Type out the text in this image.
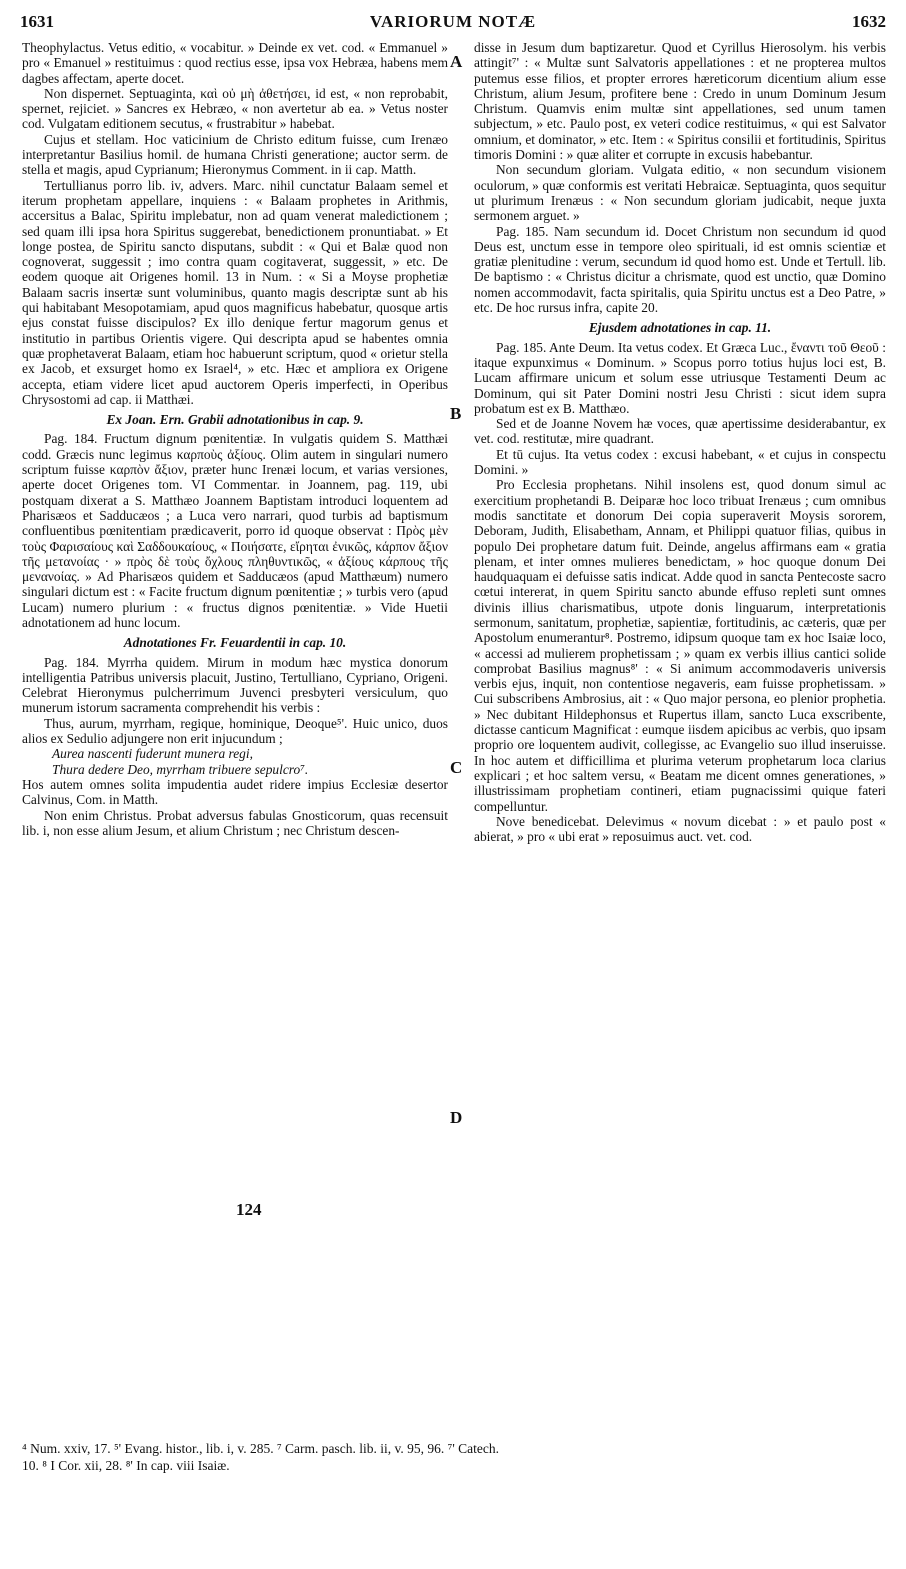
1631	VARIORUM NOTÆ	1632

Theophylactus. Vetus editio, « vocabitur. » Deinde ex vet. cod. « Emmanuel » pro « Emanuel » restituimus : quod rectius esse, ipsa vox Hebræa, habens mem dagbes affectam, aperte docet.

Non dispernet. Septuaginta, καὶ οὐ μὴ ἀθετήσει, id est, « non reprobabit, spernet, rejiciet. » Sancres ex Hebræo, « non avertetur ab ea. » Vetus noster cod. Vulgatam editionem secutus, « frustrabitur » habebat.

Cujus et stellam. Hoc vaticinium de Christo editum fuisse, cum Irenæo interpretantur Basilius homil. de humana Christi generatione; auctor serm. de stella et magis, apud Cyprianum; Hieronymus Comment. in ii cap. Matth.

Tertullianus porro lib. iv, advers. Marc. nihil cunctatur Balaam semel et iterum prophetam appellare, inquiens : « Balaam prophetes in Arithmis, accersitus a Balac, Spiritu implebatur, non ad quam venerat maledictionem ; sed quam illi ipsa hora Spiritus suggerebat, benedictionem pronuntiabat. » Et longe postea, de Spiritu sancto disputans, subdit : « Qui et Balæ quod non cognoverat, suggessit ; imo contra quam cogitaverat, suggessit, » etc. De eodem quoque ait Origenes homil. 13 in Num. : « Si a Moyse prophetiæ Balaam sacris insertæ sunt voluminibus, quanto magis descriptæ sunt ab his qui habitabant Mesopotamiam, apud quos magnificus habebatur, quosque artis ejus constat fuisse discipulos? Ex illo denique fertur magorum genus et institutio in partibus Orientis vigere. Qui descripta apud se habentes omnia quæ prophetaverat Balaam, etiam hoc habuerunt scriptum, quod « orietur stella ex Jacob, et exsurget homo ex Israel⁴, » etc. Hæc et ampliora ex Origene accepta, etiam videre licet apud auctorem Operis imperfecti, in Operibus Chrysostomi ad cap. ii Matthæi.

Ex Joan. Ern. Grabii adnotationibus in cap. 9.

Pag. 184. Fructum dignum pœnitentiæ. In vulgatis quidem S. Matthæi codd. Græcis nunc legimus καρποὺς ἀξίους. Olim autem in singulari numero scriptum fuisse καρπὸν ἄξιον, præter hunc Irenæi locum, et varias versiones, aperte docet Origenes tom. VI Commentar. in Joannem, pag. 119, ubi postquam dixerat a S. Matthæo Joannem Baptistam introduci loquentem ad Pharisæos et Sadducæos ; a Luca vero narrari, quod turbis ad baptismum confluentibus pœnitentiam prædicaverit, porro id quoque observat : Πρὸς μὲν τοὺς Φαρισαίους καὶ Σαδδουκαίους, « Ποιήσατε, εἴρηται ἐνικῶς, κάρπον ἄξιον τῆς μετανοίας · » πρὸς δὲ τοὺς ὄχλους πληθυντικῶς, « ἀξίους κάρπους τῆς μενανοίας. » Ad Pharisæos quidem et Sadducæos (apud Matthæum) numero singulari dictum est : « Facite fructum dignum pœnitentiæ ; » turbis vero (apud Lucam) numero plurium : « fructus dignos pœnitentiæ. » Vide Huetii adnotationem ad hunc locum.

Adnotationes Fr. Feuardentii in cap. 10.

Pag. 184. Myrrha quidem. Mirum in modum hæc mystica donorum intelligentia Patribus universis placuit, Justino, Tertulliano, Cypriano, Origeni. Celebrat Hieronymus pulcherrimum Juvenci presbyteri versiculum, quo munerum istorum sacramenta comprehendit his verbis :

Thus, aurum, myrrham, regique, hominique, Deoque⁵'. Huic unico, duos alios ex Sedulio adjungere non erit injucundum ;

Aurea nascenti fuderunt munera regi,

Thura dedere Deo, myrrham tribuere sepulcro⁷.

Hos autem omnes solita impudentia audet ridere impius Ecclesiæ desertor Calvinus, Com. in Matth.

Non enim Christus. Probat adversus fabulas Gnosticorum, quas recensuit lib. i, non esse alium Jesum, et alium Christum ; nec Christum descen-

disse in Jesum dum baptizaretur. Quod et Cyrillus Hierosolym. his verbis attingit⁷' : « Multæ sunt Salvatoris appellationes : et ne propterea multos putemus esse filios, et propter errores hæreticorum dicentium alium esse Christum, alium Jesum, profitere bene : Credo in unum Dominum Jesum Christum. Quamvis enim multæ sint appellationes, sed unum tamen subjectum, » etc. Paulo post, ex veteri codice restituimus, « qui est Salvator omnium, et dominator, » etc. Item : « Spiritus consilii et fortitudinis, Spiritus timoris Domini : » quæ aliter et corrupte in excusis habebantur.

Non secundum gloriam. Vulgata editio, « non secundum visionem oculorum, » quæ conformis est veritati Hebraicæ. Septuaginta, quos sequitur ut plurimum Irenæus : « Non secundum gloriam judicabit, neque juxta sermonem arguet. »

Pag. 185. Nam secundum id. Docet Christum non secundum id quod Deus est, unctum esse in tempore oleo spirituali, id est omnis scientiæ et gratiæ plenitudine : verum, secundum id quod homo est. Unde et Tertull. lib. De baptismo : « Christus dicitur a chrismate, quod est unctio, quæ Domino nomen accommodavit, facta spiritalis, quia Spiritu unctus est a Deo Patre, » etc. De hoc rursus infra, capite 20.

Ejusdem adnotationes in cap. 11.

Pag. 185. Ante Deum. Ita vetus codex. Et Græca Luc., ἔναντι τοῦ Θεοῦ : itaque expunximus « Dominum. » Scopus porro totius hujus loci est, B. Lucam affirmare unicum et solum esse utriusque Testamenti Deum ac Dominum, qui sit Pater Domini nostri Jesu Christi : sicut idem supra probatum est ex B. Matthæo.

Sed et de Joanne Novem hæ voces, quæ apertissime desiderabantur, ex vet. cod. restitutæ, mire quadrant.

Et tū cujus. Ita vetus codex : excusi habebant, « et cujus in conspectu Domini. »

Pro Ecclesia prophetans. Nihil insolens est, quod donum simul ac exercitium prophetandi B. Deiparæ hoc loco tribuat Irenæus ; cum omnibus modis sanctitate et donorum Dei copia superaverit Moysis sororem, Deboram, Judith, Elisabetham, Annam, et Philippi quatuor filias, quibus in populo Dei prophetare datum fuit. Deinde, angelus affirmans eam « gratia plenam, et inter omnes mulieres benedictam, » hoc quoque donum Dei haudquaquam ei defuisse satis indicat. Adde quod in sancta Pentecoste sacro cœtui intererat, in quem Spiritu sancto abunde effuso repleti sunt omnes divinis illius charismatibus, utpote donis linguarum, interpretationis sermonum, sanitatum, prophetiæ, sapientiæ, fortitudinis, ac cæteris, quæ per Apostolum enumerantur⁸. Postremo, idipsum quoque tam ex hoc Isaiæ loco, « accessi ad mulierem prophetissam ; » quam ex verbis illius cantici solide comprobat Basilius magnus⁸' : « Si animum accommodaveris universis verbis ejus, inquit, non contentiose negaveris, eam fuisse prophetissam. » Cui subscribens Ambrosius, ait : « Quo major persona, eo plenior prophetia. » Nec dubitant Hildephonsus et Rupertus illam, sancto Luca exscribente, dictasse canticum Magnificat : eumque iisdem apicibus ac verbis, quo ipsam proprio ore loquentem audivit, collegisse, ac Evangelio suo illud inseruisse. In hoc autem et difficillima et plurima veterum prophetarum loca clarius explicari ; et hoc saltem versu, « Beatam me dicent omnes generationes, » illustrissimam prophetiam contineri, etiam pugnacissimi quique fateri compelluntur.

Nove benedicebat. Delevimus « novum dicebat : » et paulo post « abierat, » pro « ubi erat » reposuimus auct. vet. cod.

A
B
C
D
124

⁴ Num. xxiv, 17. ⁵' Evang. histor., lib. i, v. 285. ⁷ Carm. pasch. lib. ii, v. 95, 96. ⁷' Catech.

10. ⁸ I Cor. xii, 28. ⁸' In cap. viii Isaiæ.
